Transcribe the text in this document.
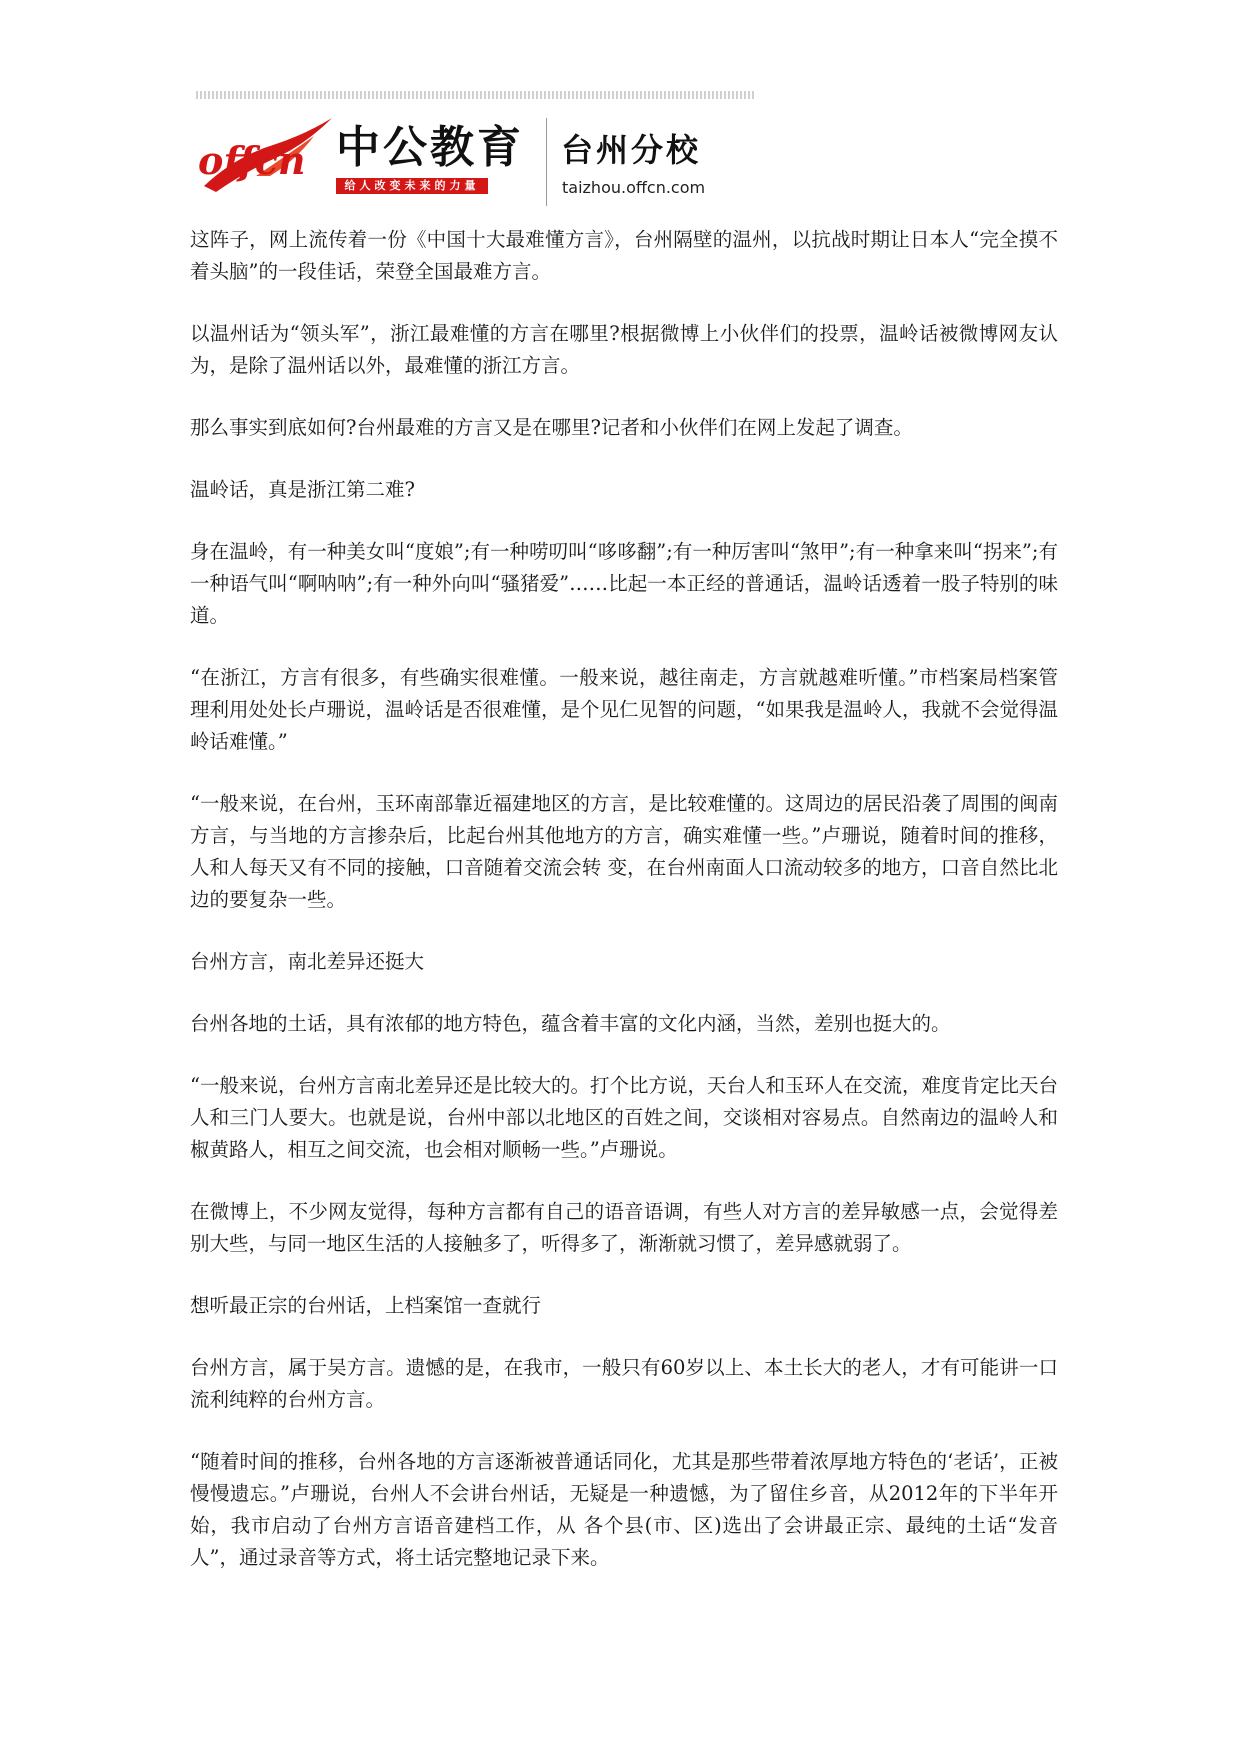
offcn 中公教育
给人改变未来的力量
台州分校
taizhou.offcn.com

这阵子，网上流传着一份《中国十大最难懂方言》，台州隔壁的温州，以抗战时期让日本人“完全摸不着头脑”的一段佳话，荣登全国最难方言。

以温州话为“领头军”，浙江最难懂的方言在哪里?根据微博上小伙伴们的投票，温岭话被微博网友认为，是除了温州话以外，最难懂的浙江方言。

那么事实到底如何?台州最难的方言又是在哪里?记者和小伙伴们在网上发起了调查。

温岭话，真是浙江第二难?

身在温岭，有一种美女叫“度娘”;有一种唠叨叫“哆哆翻”;有一种厉害叫“煞甲”;有一种拿来叫“拐来”;有一种语气叫“啊呐呐”;有一种外向叫“骚猪爱”……比起一本正经的普通话，温岭话透着一股子特别的味道。

“在浙江，方言有很多，有些确实很难懂。一般来说，越往南走，方言就越难听懂。”市档案局档案管理利用处处长卢珊说，温岭话是否很难懂，是个见仁见智的问题，“如果我是温岭人，我就不会觉得温岭话难懂。”

“一般来说，在台州，玉环南部靠近福建地区的方言，是比较难懂的。这周边的居民沿袭了周围的闽南方言，与当地的方言掺杂后，比起台州其他地方的方言，确实难懂一些。”卢珊说，随着时间的推移，人和人每天又有不同的接触，口音随着交流会转 变，在台州南面人口流动较多的地方，口音自然比北边的要复杂一些。

台州方言，南北差异还挺大

台州各地的土话，具有浓郁的地方特色，蕴含着丰富的文化内涵，当然，差别也挺大的。

“一般来说，台州方言南北差异还是比较大的。打个比方说，天台人和玉环人在交流，难度肯定比天台人和三门人要大。也就是说，台州中部以北地区的百姓之间，交谈相对容易点。自然南边的温岭人和椒黄路人，相互之间交流，也会相对顺畅一些。”卢珊说。

在微博上，不少网友觉得，每种方言都有自己的语音语调，有些人对方言的差异敏感一点，会觉得差别大些，与同一地区生活的人接触多了，听得多了，渐渐就习惯了，差异感就弱了。

想听最正宗的台州话，上档案馆一查就行

台州方言，属于吴方言。遗憾的是，在我市，一般只有60岁以上、本土长大的老人，才有可能讲一口流利纯粹的台州方言。

“随着时间的推移，台州各地的方言逐渐被普通话同化，尤其是那些带着浓厚地方特色的‘老话’，正被慢慢遗忘。”卢珊说，台州人不会讲台州话，无疑是一种遗憾，为了留住乡音，从2012年的下半年开始，我市启动了台州方言语音建档工作，从 各个县(市、区)选出了会讲最正宗、最纯的土话“发音人”，通过录音等方式，将土话完整地记录下来。
